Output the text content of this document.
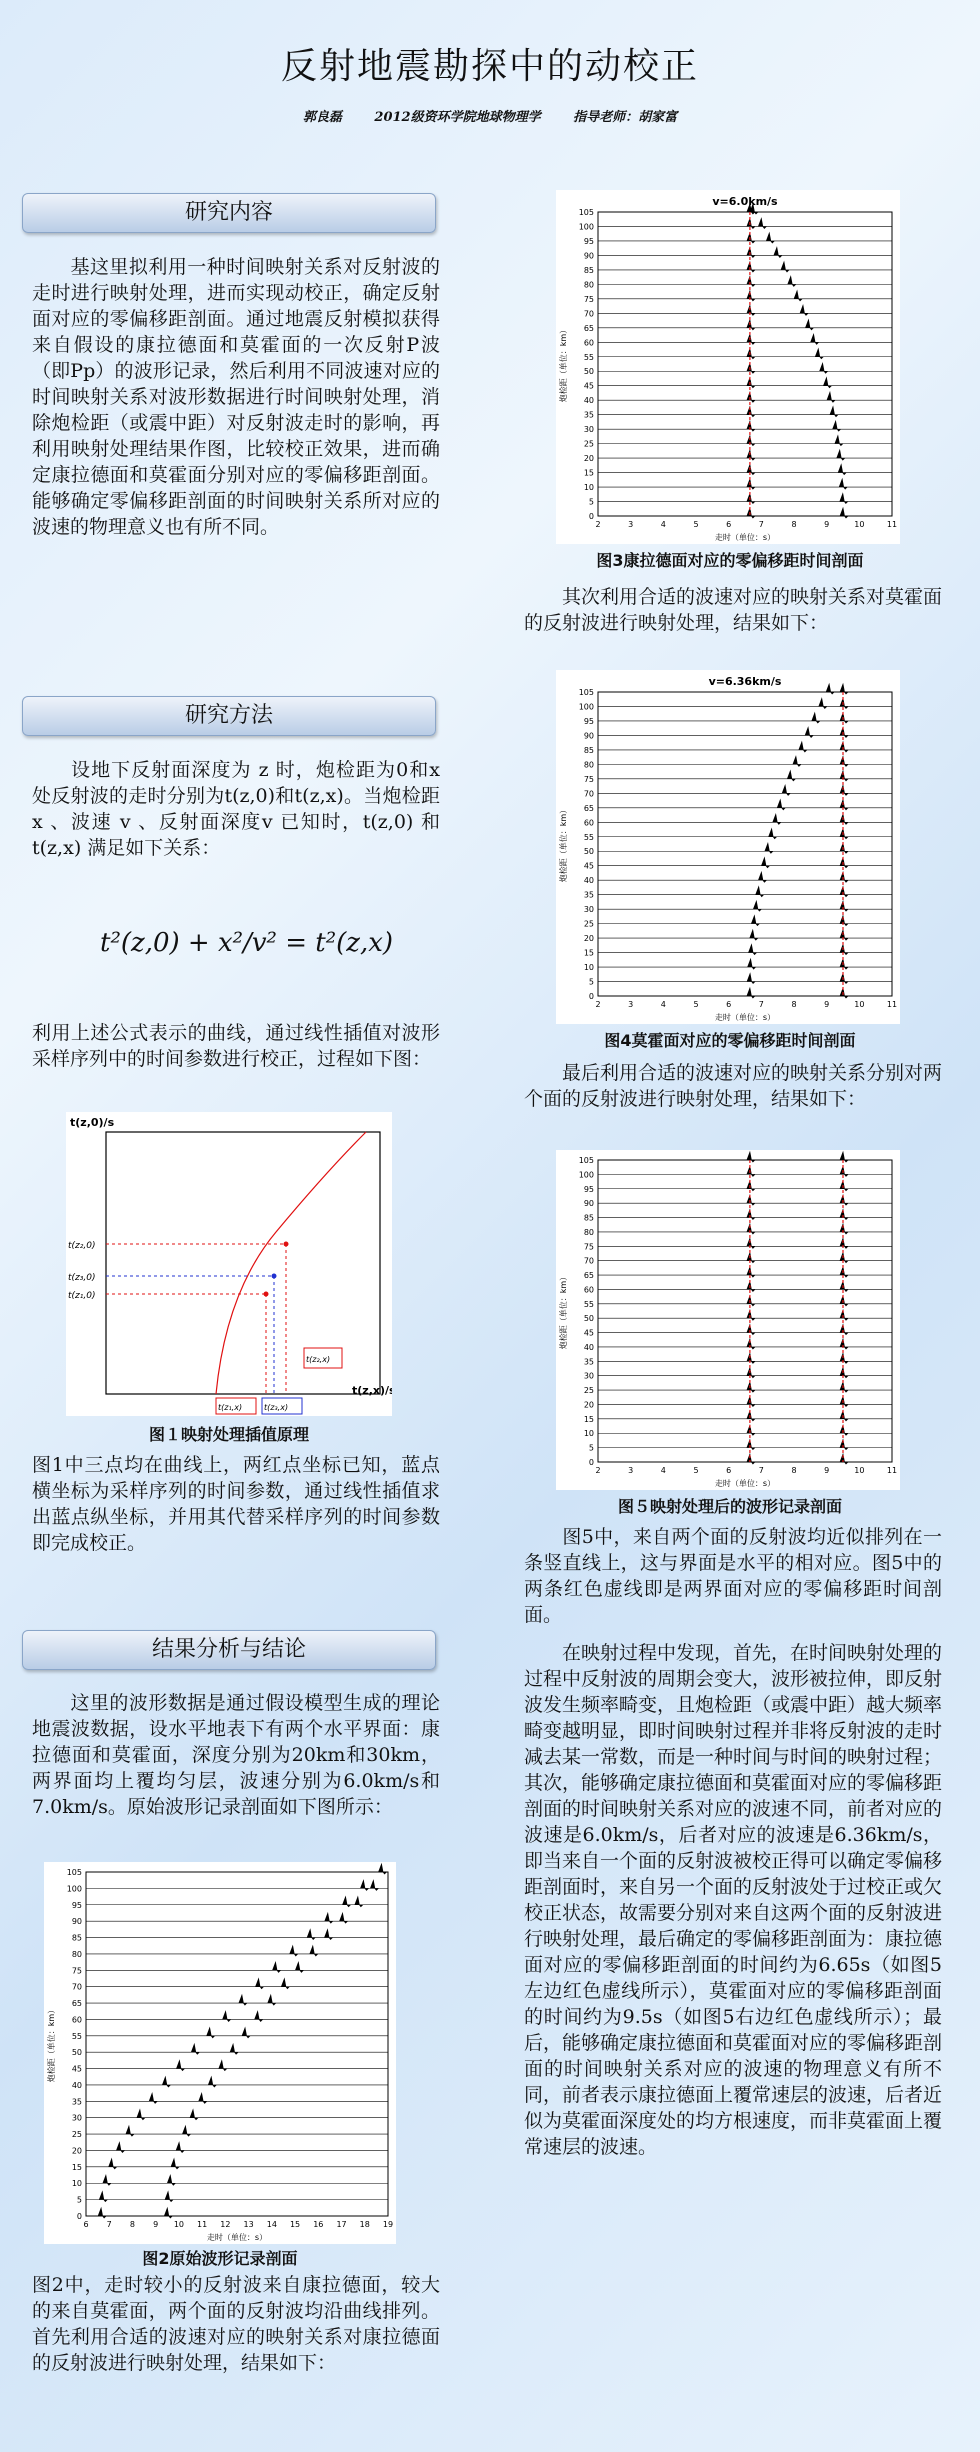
反射地震勘探中的动校正
郭良磊	2012级资环学院地球物理学	指导老师：胡家富
研究内容
基这里拟利用一种时间映射关系对反射波的走时进行映射处理，进而实现动校正，确定反射面对应的零偏移距剖面。通过地震反射模拟获得来自假设的康拉德面和莫霍面的一次反射P波（即Pp）的波形记录，然后利用不同波速对应的时间映射关系对波形数据进行时间映射处理，消除炮检距（或震中距）对反射波走时的影响，再利用映射处理结果作图，比较校正效果，进而确定康拉德面和莫霍面分别对应的零偏移距剖面。能够确定零偏移距剖面的时间映射关系所对应的波速的物理意义也有所不同。
研究方法
设地下反射面深度为 z 时，炮检距为0和x 处反射波的走时分别为t(z,0)和t(z,x)。当炮检距 x 、波速 v 、反射面深度v 已知时，t(z,0) 和 t(z,x) 满足如下关系：
t²(z,0) + x²/v² = t²(z,x)
利用上述公式表示的曲线，通过线性插值对波形采样序列中的时间参数进行校正，过程如下图：
t(z,0)/s
t(z,x)/s
t(z₂,0)
t(z₃,0)
t(z₁,0)
t(z₂,x)
t(z₁,x)	t(z₃,x)
图１映射处理插值原理
图1中三点均在曲线上，两红点坐标已知，蓝点横坐标为采样序列的时间参数，通过线性插值求出蓝点纵坐标，并用其代替采样序列的时间参数即完成校正。
结果分析与结论
这里的波形数据是通过假设模型生成的理论地震波数据，设水平地表下有两个水平界面：康拉德面和莫霍面，深度分别为20km和30km，两界面均上覆均匀层，波速分别为6.0km/s和7.0km/s。原始波形记录剖面如下图所示：
0
5
10
15
20
25
30
35
40
45
50
55
60
65
70
75
80
85
90
95
100
105
6 7 8 9 10 11 12 13 14 15 16 17 18 19
走时（单位：s）
炮检距（单位：km）
图2原始波形记录剖面
图2中，走时较小的反射波来自康拉德面，较大的来自莫霍面，两个面的反射波均沿曲线排列。首先利用合适的波速对应的映射关系对康拉德面的反射波进行映射处理，结果如下：
v=6.0km/s
0
5
10
15
20
25
30
35
40
45
50
55
60
65
70
75
80
85
90
95
100
105
2	3	4	5	6	7	8	9	10	11
走时（单位：s）
炮检距（单位：km）
图3康拉德面对应的零偏移距时间剖面
其次利用合适的波速对应的映射关系对莫霍面的反射波进行映射处理，结果如下：
v=6.36km/s
0
5
10
15
20
25
30
35
40
45
50
55
60
65
70
75
80
85
90
95
100
105
2	3	4	5	6	7	8	9	10	11
走时（单位：s）
炮检距（单位：km）
图4莫霍面对应的零偏移距时间剖面
最后利用合适的波速对应的映射关系分别对两个面的反射波进行映射处理，结果如下：
0
5
10
15
20
25
30
35
40
45
50
55
60
65
70
75
80
85
90
95
100
105
2	3	4	5	6	7	8	9	10	11
走时（单位：s）
炮检距（单位：km）
图５映射处理后的波形记录剖面
图5中，来自两个面的反射波均近似排列在一条竖直线上，这与界面是水平的相对应。图5中的两条红色虚线即是两界面对应的零偏移距时间剖面。
在映射过程中发现，首先，在时间映射处理的过程中反射波的周期会变大，波形被拉伸，即反射波发生频率畸变，且炮检距（或震中距）越大频率畸变越明显，即时间映射过程并非将反射波的走时减去某一常数，而是一种时间与时间的映射过程；其次，能够确定康拉德面和莫霍面对应的零偏移距剖面的时间映射关系对应的波速不同，前者对应的波速是6.0km/s，后者对应的波速是6.36km/s，即当来自一个面的反射波被校正得可以确定零偏移距剖面时，来自另一个面的反射波处于过校正或欠校正状态，故需要分别对来自这两个面的反射波进行映射处理，最后确定的零偏移距剖面为：康拉德面对应的零偏移距剖面的时间约为6.65s（如图5左边红色虚线所示），莫霍面对应的零偏移距剖面的时间约为9.5s（如图5右边红色虚线所示）；最后，能够确定康拉德面和莫霍面对应的零偏移距剖面的时间映射关系对应的波速的物理意义有所不同，前者表示康拉德面上覆常速层的波速，后者近似为莫霍面深度处的均方根速度，而非莫霍面上覆常速层的波速。
